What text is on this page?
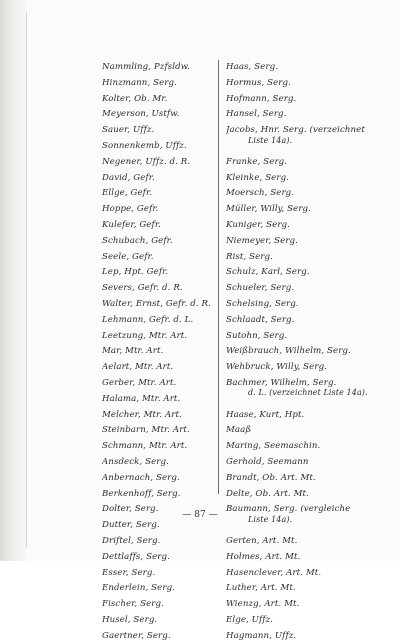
Nammling, Pzfsldw.
Hinzmann, Serg.
Kolter, Ob. Mr.
Meyerson, Ustfw.
Sauer, Uffz.
Sonnenkemb, Uffz.
Negener, Uffz. d. R.
David, Gefr.
Ellge, Gefr.
Hoppe, Gefr.
Kulefer, Gefr.
Schubach, Gefr.
Seele, Gefr.
Lep, Hpt. Gefr.
Severs, Gefr. d. R.
Walter, Ernst, Gefr. d. R.
Lehmann, Gefr. d. L.
Leetzung, Mtr. Art.
Mar, Mtr. Art.
Aelart, Mtr. Art.
Gerber, Mtr. Art.
Halama, Mtr. Art.
Melcher, Mtr. Art.
Steinbarn, Mtr. Art.
Schmann, Mtr. Art.
Ansdeck, Serg.
Anbernach, Serg.
Berkenhoff, Serg.
Dolter, Serg.
Dutter, Serg.
Driftel, Serg.
Dettlaffs, Serg.
Esser, Serg.
Enderlein, Serg.
Fischer, Serg.
Husel, Serg.
Gaertner, Serg.
Haas, Serg.
Hormus, Serg.
Hofmann, Serg.
Hansel, Serg.
Jacobs, Hnr. Serg. (verzeichnet
Liste 14a).
Franke, Serg.
Kleinke, Serg.
Moersch, Serg.
Müller, Willy, Serg.
Kuniger, Serg.
Niemeyer, Serg.
Rist, Serg.
Schulz, Karl, Serg.
Schueler, Serg.
Schelsing, Serg.
Schlaadt, Serg.
Sutohn, Serg.
Weißbrauch, Wilhelm, Serg.
Wehbruck, Willy, Serg.
Bachmer, Wilhelm, Serg.
d. L. (verzeichnet Liste 14a).
Haase, Kurt, Hpt.
Maaß
Maring, Seemaschin.
Gerhold, Seemann
Brandt, Ob. Art. Mt.
Delte, Ob. Art. Mt.
Baumann, Serg. (vergleiche
Liste 14a).
Gerten, Art. Mt.
Holmes, Art. Mt.
Hasenclever, Art. Mt.
Luther, Art. Mt.
Wienzg, Art. Mt.
Elge, Uffz.
Hagmann, Uffz.
— 87 —
